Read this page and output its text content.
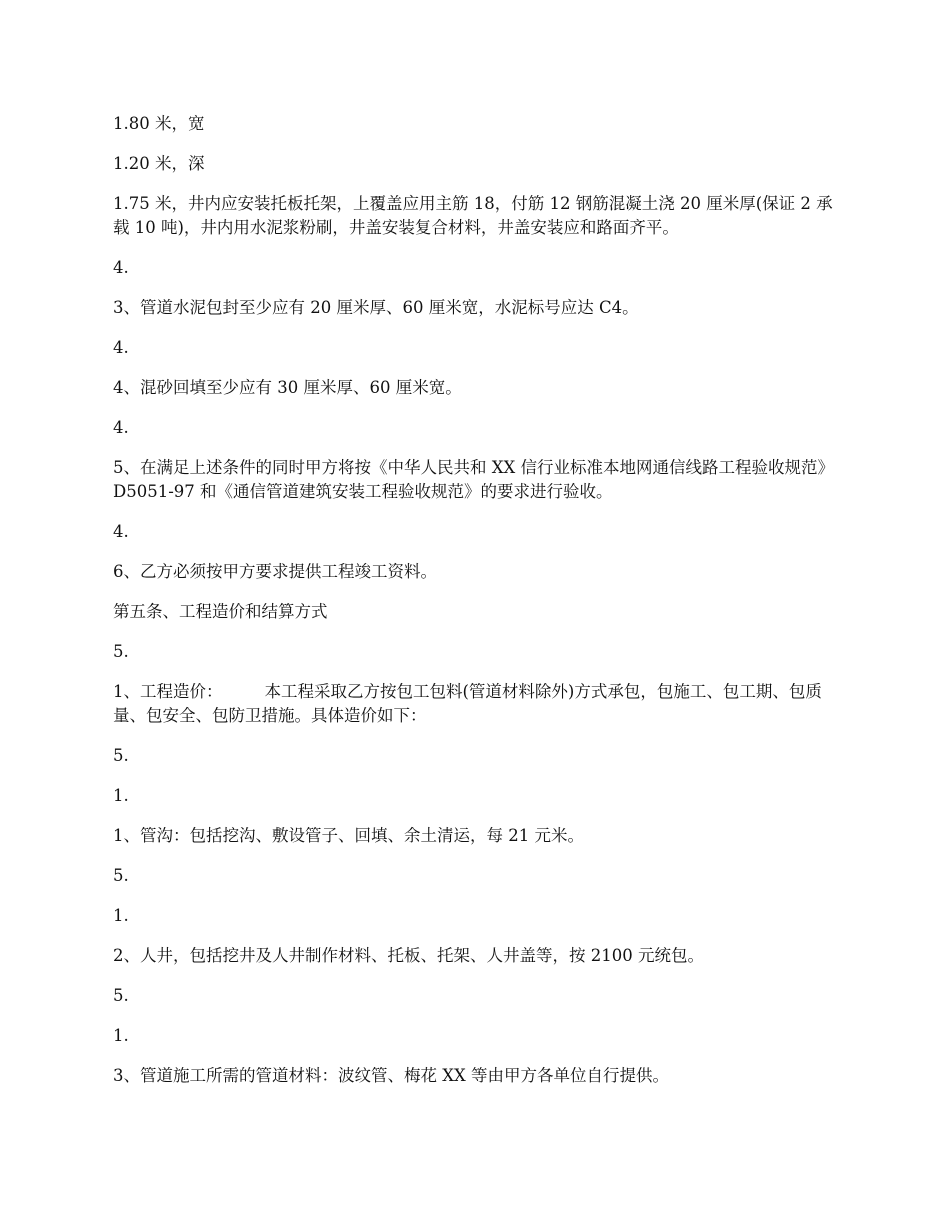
1.80 米，宽

1.20 米，深

1.75 米，井内应安装托板托架，上覆盖应用主筋 18，付筋 12 钢筋混凝土浇 20 厘米厚(保证 2 承载 10 吨)，井内用水泥浆粉刷，井盖安装复合材料，井盖安装应和路面齐平。

4.

3、管道水泥包封至少应有 20 厘米厚、60 厘米宽，水泥标号应达 C4。

4.

4、混砂回填至少应有 30 厘米厚、60 厘米宽。

4.

5、在满足上述条件的同时甲方将按《中华人民共和 XX 信行业标准本地网通信线路工程验收规范》D5051-97 和《通信管道建筑安装工程验收规范》的要求进行验收。

4.

6、乙方必须按甲方要求提供工程竣工资料。

第五条、工程造价和结算方式

5.

1、工程造价：        本工程采取乙方按包工包料(管道材料除外)方式承包，包施工、包工期、包质量、包安全、包防卫措施。具体造价如下：

5.

1.

1、管沟：包括挖沟、敷设管子、回填、余土清运，每 21 元米。

5.

1.

2、人井，包括挖井及人井制作材料、托板、托架、人井盖等，按 2100 元统包。

5.

1.

3、管道施工所需的管道材料：波纹管、梅花 XX 等由甲方各单位自行提供。
